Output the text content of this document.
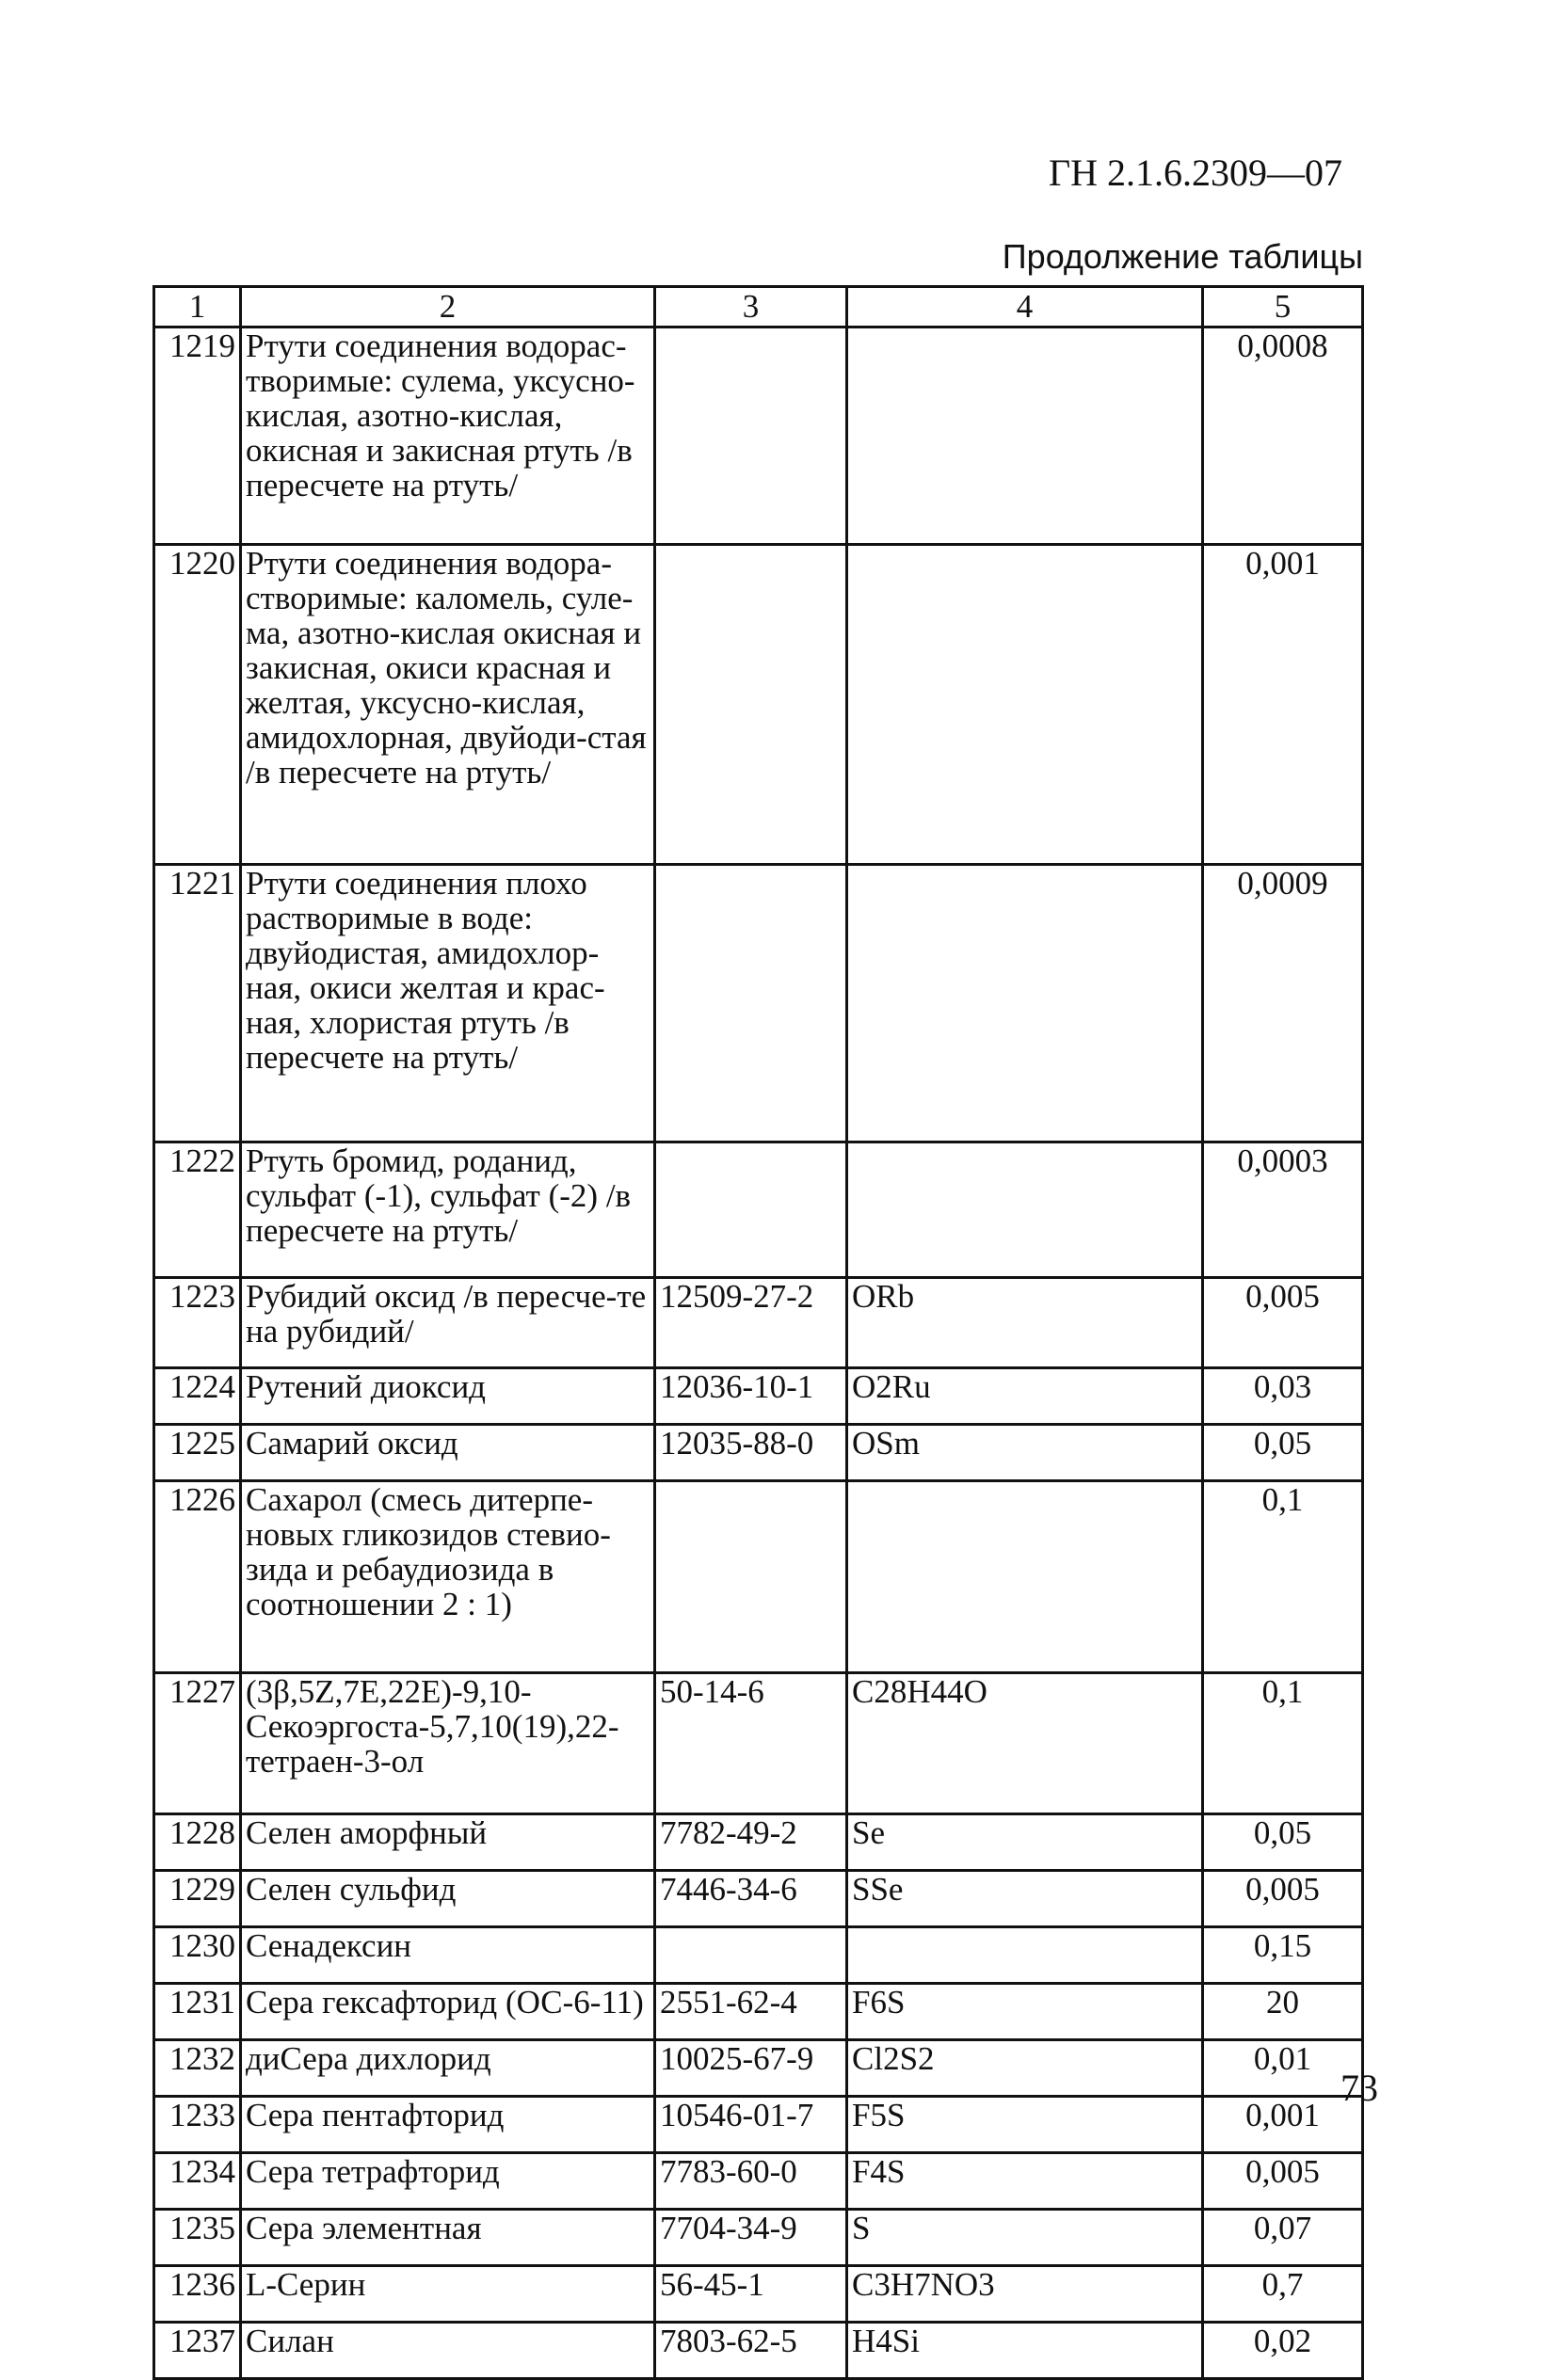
ГН 2.1.6.2309—07
Продолжение таблицы
1	2	3	4	5
1219	Ртути соединения водорас-творимые: сулема, уксусно-кислая, азотно-кислая, окисная и закисная ртуть /в пересчете на ртуть/			0,0008
1220	Ртути соединения водора-створимые: каломель, суле-ма, азотно-кислая окисная и закисная, окиси красная и желтая, уксусно-кислая, амидохлорная, двуйоди-стая /в пересчете на ртуть/			0,001
1221	Ртути соединения плохо растворимые в воде: двуйодистая, амидохлор-ная, окиси желтая и крас-ная, хлористая ртуть /в пересчете на ртуть/			0,0009
1222	Ртуть бромид, роданид, сульфат (-1), сульфат (-2) /в пересчете на ртуть/			0,0003
1223	Рубидий оксид /в пересче-те на рубидий/	12509-27-2	ORb	0,005
1224	Рутений диоксид	12036-10-1	O2Ru	0,03
1225	Самарий оксид	12035-88-0	OSm	0,05
1226	Сахарол (смесь дитерпе-новых гликозидов стевио-зида и ребаудиозида в соотношении 2 : 1)			0,1
1227	(3β,5Z,7E,22E)-9,10-Секоэргоста-5,7,10(19),22-тетраен-3-ол	50-14-6	C28H44O	0,1
1228	Селен аморфный	7782-49-2	Se	0,05
1229	Селен сульфид	7446-34-6	SSe	0,005
1230	Сенадексин			0,15
1231	Сера гексафторид (ОС-6-11)	2551-62-4	F6S	20
1232	диСера дихлорид	10025-67-9	Cl2S2	0,01
1233	Сера пентафторид	10546-01-7	F5S	0,001
1234	Сера тетрафторид	7783-60-0	F4S	0,005
1235	Сера элементная	7704-34-9	S	0,07
1236	L-Серин	56-45-1	C3H7NO3	0,7
1237	Силан	7803-62-5	H4Si	0,02
73
